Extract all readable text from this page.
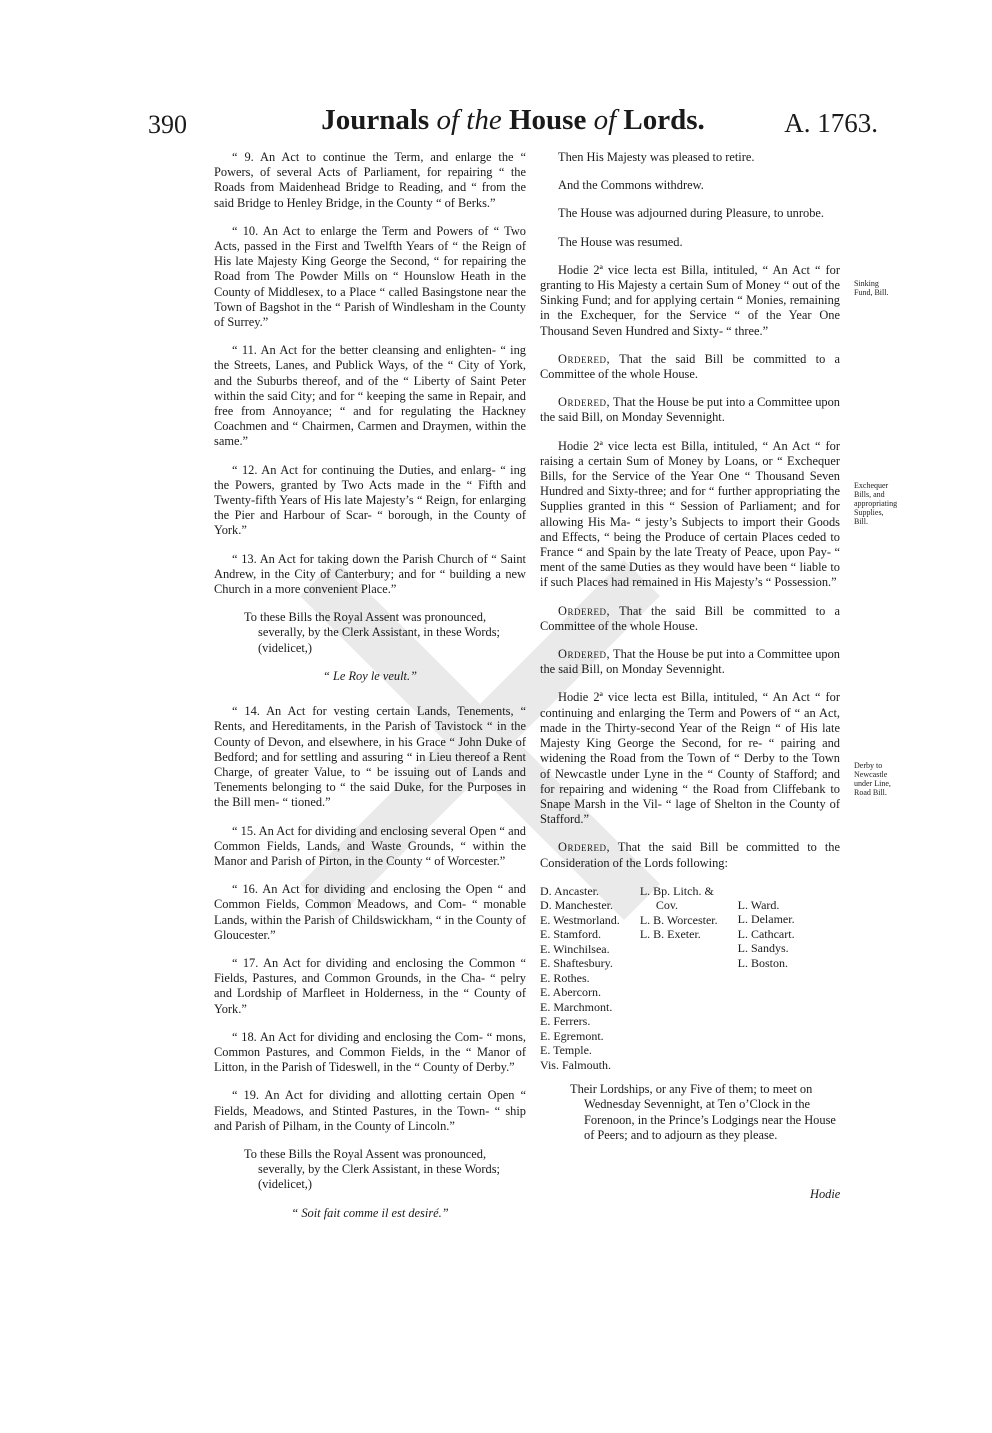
390	Journals of the House of Lords.	A. 1763.

“ 9. An Act to continue the Term, and enlarge the “ Powers, of several Acts of Parliament, for repairing “ the Roads from Maidenhead Bridge to Reading, and “ from the said Bridge to Henley Bridge, in the County “ of Berks.”

“ 10. An Act to enlarge the Term and Powers of “ Two Acts, passed in the First and Twelfth Years of “ the Reign of His late Majesty King George the Second, “ for repairing the Road from The Powder Mills on “ Hounslow Heath in the County of Middlesex, to a Place “ called Basingstone near the Town of Bagshot in the “ Parish of Windlesham in the County of Surrey.”

“ 11. An Act for the better cleansing and enlighten- “ ing the Streets, Lanes, and Publick Ways, of the “ City of York, and the Suburbs thereof, and of the “ Liberty of Saint Peter within the said City; and for “ keeping the same in Repair, and free from Annoyance; “ and for regulating the Hackney Coachmen and “ Chairmen, Carmen and Draymen, within the same.”

“ 12. An Act for continuing the Duties, and enlarg- “ ing the Powers, granted by Two Acts made in the “ Fifth and Twenty-fifth Years of His late Majesty’s “ Reign, for enlarging the Pier and Harbour of Scar- “ borough, in the County of York.”

“ 13. An Act for taking down the Parish Church of “ Saint Andrew, in the City of Canterbury; and for “ building a new Church in a more convenient Place.”

To these Bills the Royal Assent was pronounced, severally, by the Clerk Assistant, in these Words; (videlicet,)

“ Le Roy le veult.”

“ 14. An Act for vesting certain Lands, Tenements, “ Rents, and Hereditaments, in the Parish of Tavistock “ in the County of Devon, and elsewhere, in his Grace “ John Duke of Bedford; and for settling and assuring “ in Lieu thereof a Rent Charge, of greater Value, to “ be issuing out of Lands and Tenements belonging to “ the said Duke, for the Purposes in the Bill men- “ tioned.”

“ 15. An Act for dividing and enclosing several Open “ and Common Fields, Lands, and Waste Grounds, “ within the Manor and Parish of Pirton, in the County “ of Worcester.”

“ 16. An Act for dividing and enclosing the Open “ and Common Fields, Common Meadows, and Com- “ monable Lands, within the Parish of Childswickham, “ in the County of Gloucester.”

“ 17. An Act for dividing and enclosing the Common “ Fields, Pastures, and Common Grounds, in the Cha- “ pelry and Lordship of Marfleet in Holderness, in the “ County of York.”

“ 18. An Act for dividing and enclosing the Com- “ mons, Common Pastures, and Common Fields, in the “ Manor of Litton, in the Parish of Tideswell, in the “ County of Derby.”

“ 19. An Act for dividing and allotting certain Open “ Fields, Meadows, and Stinted Pastures, in the Town- “ ship and Parish of Pilham, in the County of Lincoln.”

To these Bills the Royal Assent was pronounced, severally, by the Clerk Assistant, in these Words; (videlicet,)

“ Soit fait comme il est desiré.”

Then His Majesty was pleased to retire.

And the Commons withdrew.

The House was adjourned during Pleasure, to unrobe.

The House was resumed.

Hodie 2ª vice lecta est Billa, intituled, “ An Act “ for granting to His Majesty a certain Sum of Money “ out of the Sinking Fund; and for applying certain “ Monies, remaining in the Exchequer, for the Service “ of the Year One Thousand Seven Hundred and Sixty- “ three.”

Ordered, That the said Bill be committed to a Committee of the whole House.

Ordered, That the House be put into a Committee upon the said Bill, on Monday Sevennight.

Hodie 2ª vice lecta est Billa, intituled, “ An Act “ for raising a certain Sum of Money by Loans, or “ Exchequer Bills, for the Service of the Year One “ Thousand Seven Hundred and Sixty-three; and for “ further appropriating the Supplies granted in this “ Session of Parliament; and for allowing His Ma- “ jesty’s Subjects to import their Goods and Effects, “ being the Produce of certain Places ceded to France “ and Spain by the late Treaty of Peace, upon Pay- “ ment of the same Duties as they would have been “ liable to if such Places had remained in His Majesty’s “ Possession.”

Ordered, That the said Bill be committed to a Committee of the whole House.

Ordered, That the House be put into a Committee upon the said Bill, on Monday Sevennight.

Hodie 2ª vice lecta est Billa, intituled, “ An Act “ for continuing and enlarging the Term and Powers of “ an Act, made in the Thirty-second Year of the Reign “ of His late Majesty King George the Second, for re- “ pairing and widening the Road from the Town of “ Derby to the Town of Newcastle under Lyne in the “ County of Stafford; and for repairing and widening “ the Road from Cliffebank to Snape Marsh in the Vil- “ lage of Shelton in the County of Stafford.”

Ordered, That the said Bill be committed to the Consideration of the Lords following:

D. Ancaster.
D. Manchester.
E. Westmorland.
E. Stamford.
E. Winchilsea.
E. Shaftesbury.
E. Rothes.
E. Abercorn.
E. Marchmont.
E. Ferrers.
E. Egremont.
E. Temple.
Vis. Falmouth.
L. Bp. Litch. &
Cov.
L. B. Worcester.
L. B. Exeter.
L. Ward.
L. Delamer.
L. Cathcart.
L. Sandys.
L. Boston.

Their Lordships, or any Five of them; to meet on Wednesday Sevennight, at Ten o’Clock in the Forenoon, in the Prince’s Lodgings near the House of Peers; and to adjourn as they please.

Sinking Fund, Bill.
Exchequer Bills, and appropriating Supplies, Bill.
Derby to Newcastle under Line, Road Bill.
Hodie
